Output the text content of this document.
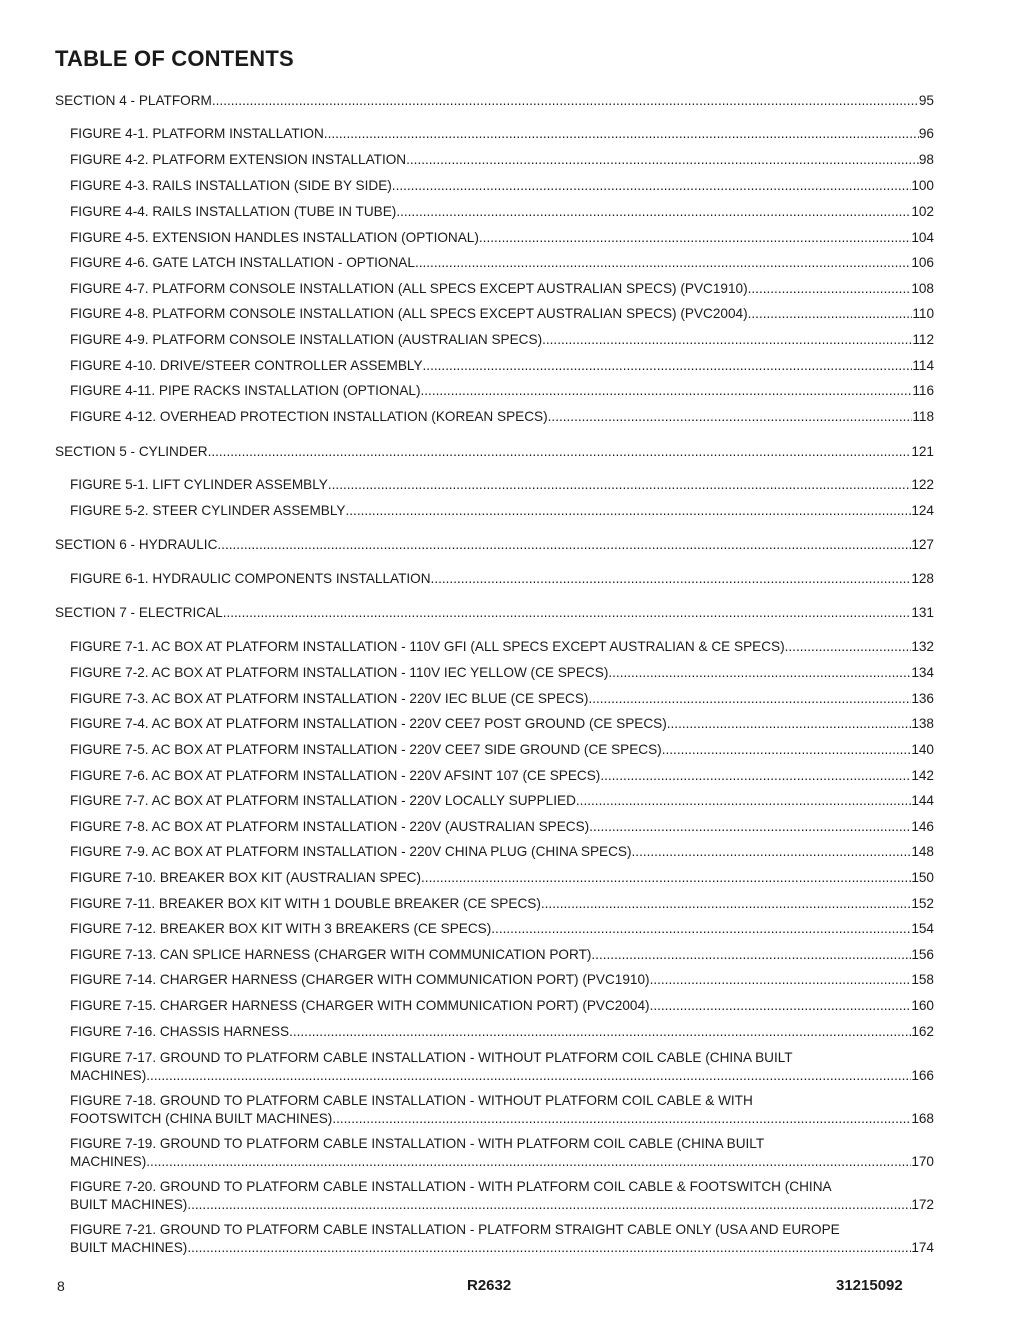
TABLE OF CONTENTS
SECTION 4 - PLATFORM .....	95
FIGURE 4-1. PLATFORM INSTALLATION .....	96
FIGURE 4-2. PLATFORM EXTENSION INSTALLATION .....	98
FIGURE 4-3. RAILS INSTALLATION (SIDE BY SIDE) .....	100
FIGURE 4-4. RAILS INSTALLATION (TUBE IN TUBE) .....	102
FIGURE 4-5. EXTENSION HANDLES INSTALLATION (OPTIONAL) .....	104
FIGURE 4-6. GATE LATCH INSTALLATION - OPTIONAL .....	106
FIGURE 4-7. PLATFORM CONSOLE INSTALLATION (ALL SPECS EXCEPT AUSTRALIAN SPECS) (PVC1910) .....	108
FIGURE 4-8. PLATFORM CONSOLE INSTALLATION (ALL SPECS EXCEPT AUSTRALIAN SPECS) (PVC2004) .....	110
FIGURE 4-9. PLATFORM CONSOLE INSTALLATION (AUSTRALIAN SPECS) .....	112
FIGURE 4-10. DRIVE/STEER CONTROLLER ASSEMBLY .....	114
FIGURE 4-11. PIPE RACKS INSTALLATION (OPTIONAL) .....	116
FIGURE 4-12. OVERHEAD PROTECTION INSTALLATION (KOREAN SPECS) .....	118
SECTION 5 - CYLINDER .....	121
FIGURE 5-1. LIFT CYLINDER ASSEMBLY .....	122
FIGURE 5-2. STEER CYLINDER ASSEMBLY .....	124
SECTION 6 - HYDRAULIC .....	127
FIGURE 6-1. HYDRAULIC COMPONENTS INSTALLATION .....	128
SECTION 7 - ELECTRICAL .....	131
FIGURE 7-1. AC BOX AT PLATFORM INSTALLATION - 110V GFI (ALL SPECS EXCEPT AUSTRALIAN & CE SPECS) .....	132
FIGURE 7-2. AC BOX AT PLATFORM INSTALLATION - 110V IEC YELLOW (CE SPECS) .....	134
FIGURE 7-3. AC BOX AT PLATFORM INSTALLATION - 220V IEC BLUE (CE SPECS) .....	136
FIGURE 7-4. AC BOX AT PLATFORM INSTALLATION - 220V CEE7 POST GROUND (CE SPECS) .....	138
FIGURE 7-5. AC BOX AT PLATFORM INSTALLATION - 220V CEE7 SIDE GROUND (CE SPECS) .....	140
FIGURE 7-6. AC BOX AT PLATFORM INSTALLATION - 220V AFSINT 107 (CE SPECS) .....	142
FIGURE 7-7. AC BOX AT PLATFORM INSTALLATION - 220V LOCALLY SUPPLIED .....	144
FIGURE 7-8. AC BOX AT PLATFORM INSTALLATION - 220V (AUSTRALIAN SPECS) .....	146
FIGURE 7-9. AC BOX AT PLATFORM INSTALLATION - 220V CHINA PLUG (CHINA SPECS) .....	148
FIGURE 7-10. BREAKER BOX KIT (AUSTRALIAN SPEC) .....	150
FIGURE 7-11. BREAKER BOX KIT WITH 1 DOUBLE BREAKER (CE SPECS) .....	152
FIGURE 7-12. BREAKER BOX KIT WITH 3 BREAKERS (CE SPECS) .....	154
FIGURE 7-13. CAN SPLICE HARNESS (CHARGER WITH COMMUNICATION PORT) .....	156
FIGURE 7-14. CHARGER HARNESS (CHARGER WITH COMMUNICATION PORT) (PVC1910) .....	158
FIGURE 7-15. CHARGER HARNESS (CHARGER WITH COMMUNICATION PORT) (PVC2004) .....	160
FIGURE 7-16. CHASSIS HARNESS .....	162
FIGURE 7-17. GROUND TO PLATFORM CABLE INSTALLATION - WITHOUT PLATFORM COIL CABLE (CHINA BUILT
MACHINES) .....	166
FIGURE 7-18. GROUND TO PLATFORM CABLE INSTALLATION - WITHOUT PLATFORM COIL CABLE & WITH
FOOTSWITCH (CHINA BUILT MACHINES) .....	168
FIGURE 7-19. GROUND TO PLATFORM CABLE INSTALLATION - WITH PLATFORM COIL CABLE (CHINA BUILT
MACHINES) .....	170
FIGURE 7-20. GROUND TO PLATFORM CABLE INSTALLATION - WITH PLATFORM COIL CABLE & FOOTSWITCH (CHINA
BUILT MACHINES) .....	172
FIGURE 7-21. GROUND TO PLATFORM CABLE INSTALLATION - PLATFORM STRAIGHT CABLE ONLY (USA AND EUROPE
BUILT MACHINES) .....	174
8	R2632	31215092
